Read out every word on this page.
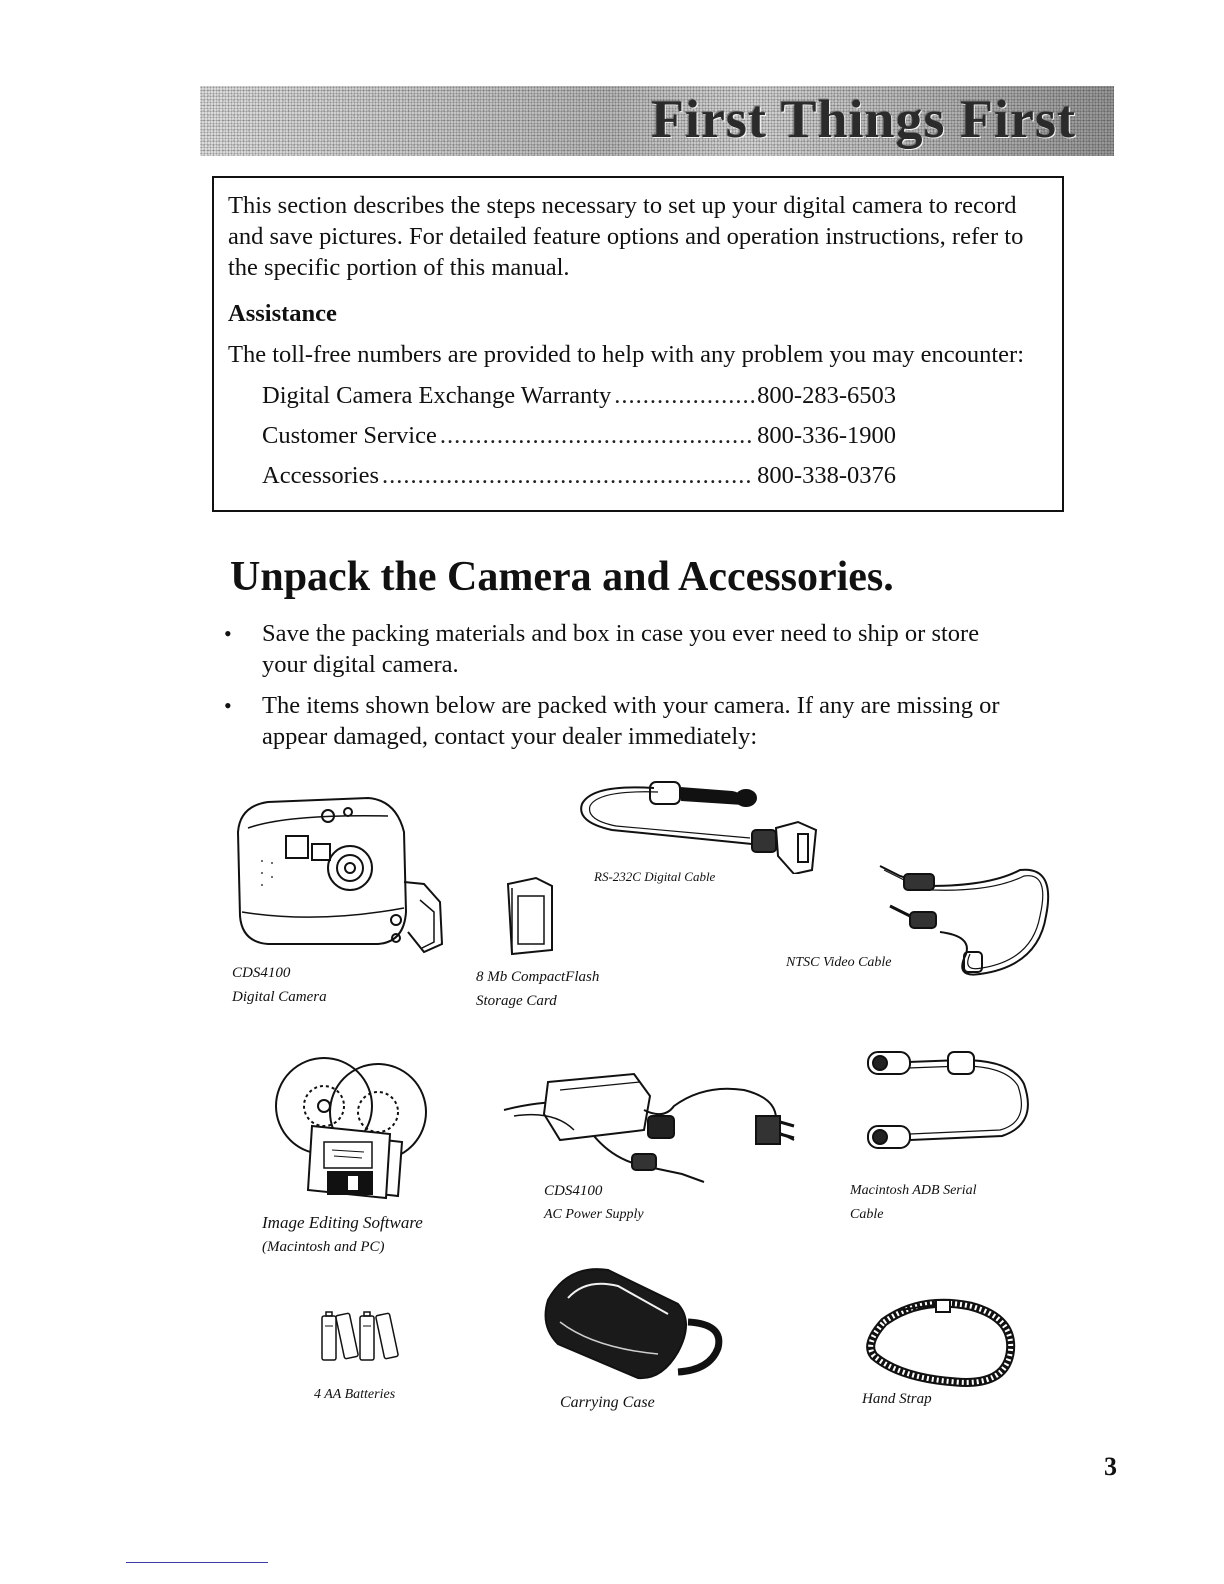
First Things First

This section describes the steps necessary to set up your digital camera to record and save pictures. For detailed feature options and operation instructions, refer to the specific portion of this manual.

Assistance

The toll-free numbers are provided to help with any problem you may encounter:

Digital Camera Exchange Warranty .....	800-283-6503
Customer Service .....	800-336-1900
Accessories .....	800-338-0376
Unpack the Camera and Accessories.
• Save the packing materials and box in case you ever need to ship or store your digital camera.
• The items shown below are packed with your camera. If any are missing or appear damaged, contact your dealer immediately:
CDS4100
Digital Camera
8 Mb CompactFlash
Storage Card
RS-232C Digital Cable
NTSC Video Cable
Image Editing Software
(Macintosh and PC)
CDS4100
AC Power Supply
Macintosh ADB Serial
Cable
4 AA Batteries	Carrying Case	Hand Strap
3
